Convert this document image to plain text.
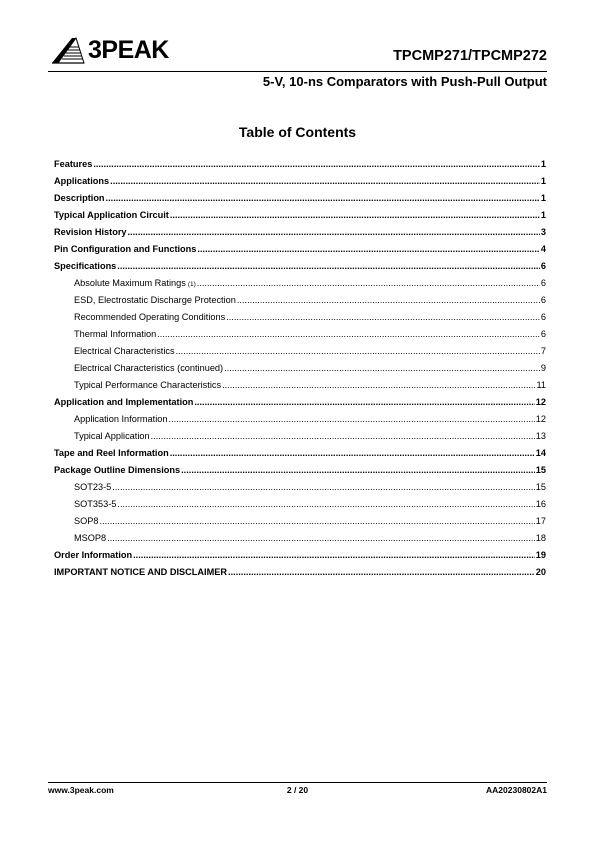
3PEAK	TPCMP271/TPCMP272
5-V, 10-ns Comparators with Push-Pull Output
Table of Contents
Features .....	1
Applications .....	1
Description .....	1
Typical Application Circuit .....	1
Revision History .....	3
Pin Configuration and Functions .....	4
Specifications .....	6
Absolute Maximum Ratings (1) .....	6
ESD, Electrostatic Discharge Protection .....	6
Recommended Operating Conditions .....	6
Thermal Information .....	6
Electrical Characteristics .....	7
Electrical Characteristics (continued) .....	9
Typical Performance Characteristics .....	11
Application and Implementation .....	12
Application Information .....	12
Typical Application .....	13
Tape and Reel Information .....	14
Package Outline Dimensions .....	15
SOT23-5 .....	15
SOT353-5 .....	16
SOP8 .....	17
MSOP8 .....	18
Order Information .....	19
IMPORTANT NOTICE AND DISCLAIMER .....	20
www.3peak.com	2 / 20	AA20230802A1
